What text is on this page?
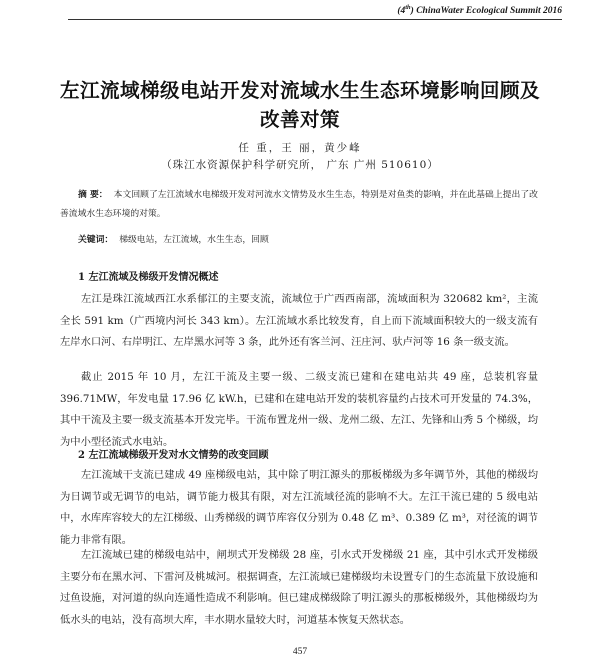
(4th) ChinaWater Ecological Summit 2016
左江流域梯级电站开发对流域水生生态环境影响回顾及改善对策
任 重，王 丽，黄少峰
（珠江水资源保护科学研究所， 广东 广州 510610）
摘 要： 本文回顾了左江流域水电梯级开发对河流水文情势及水生生态，特别是对鱼类的影响，并在此基础上提出了改善流域水生态环境的对策。
关键词： 梯级电站，左江流域，水生生态，回顾
1 左江流域及梯级开发情况概述
左江是珠江流域西江水系郁江的主要支流，流域位于广西西南部，流域面积为 320682 km²，主流全长 591 km（广西境内河长 343 km）。左江流域水系比较发育，自上而下流域面积较大的一级支流有左岸水口河、右岸明江、左岸黑水河等 3 条，此外还有客兰河、汪庄河、驮卢河等 16 条一级支流。
截止 2015 年 10 月，左江干流及主要一级、二级支流已建和在建电站共 49 座，总装机容量 396.71MW，年发电量 17.96 亿 kW.h，已建和在建电站开发的装机容量约占技术可开发量的 74.3%，其中干流及主要一级支流基本开发完毕。干流布置龙州一级、龙州二级、左江、先锋和山秀 5 个梯级，均为中小型径流式水电站。
2 左江流域梯级开发对水文情势的改变回顾
左江流域干支流已建成 49 座梯级电站，其中除了明江源头的那板梯级为多年调节外，其他的梯级均为日调节或无调节的电站，调节能力极其有限，对左江流域径流的影响不大。左江干流已建的 5 级电站中，水库库容较大的左江梯级、山秀梯级的调节库容仅分别为 0.48 亿 m³、0.389 亿 m³，对径流的调节能力非常有限。
左江流域已建的梯级电站中，闸坝式开发梯级 28 座，引水式开发梯级 21 座，其中引水式开发梯级主要分布在黑水河、下雷河及桃城河。根据调查，左江流域已建梯级均未设置专门的生态流量下放设施和过鱼设施，对河道的纵向连通性造成不利影响。但已建成梯级除了明江源头的那板梯级外，其他梯级均为低水头的电站，没有高坝大库，丰水期水量较大时，河道基本恢复天然状态。
457
